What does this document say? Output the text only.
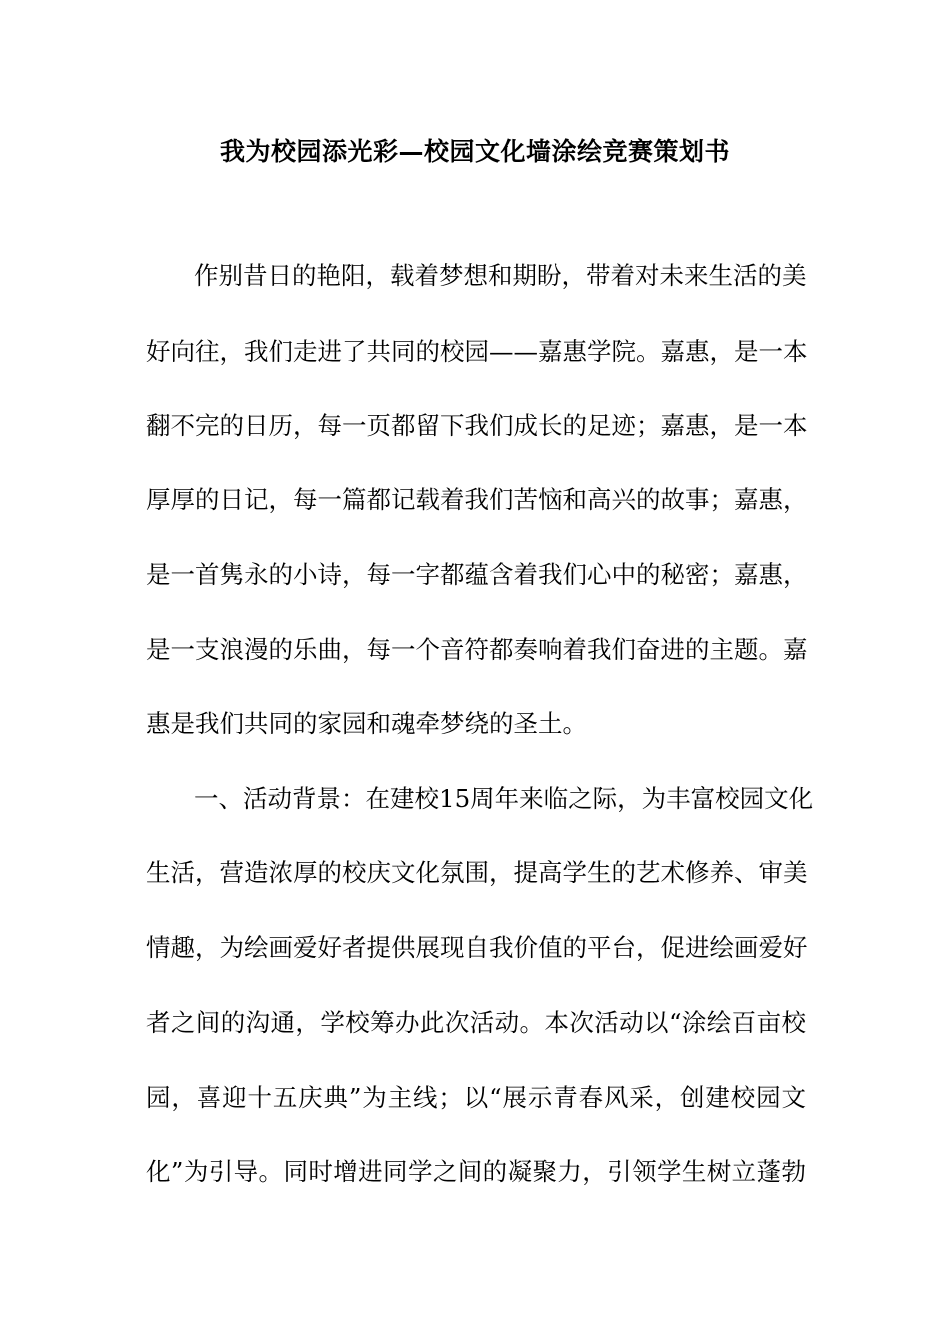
我为校园添光彩—校园文化墙涂绘竞赛策划书
作别昔日的艳阳，载着梦想和期盼，带着对未来生活的美
好向往，我们走进了共同的校园——嘉惠学院。嘉惠，是一本
翻不完的日历，每一页都留下我们成长的足迹；嘉惠，是一本
厚厚的日记，每一篇都记载着我们苦恼和高兴的故事；嘉惠，
是一首隽永的小诗，每一字都蕴含着我们心中的秘密；嘉惠，
是一支浪漫的乐曲，每一个音符都奏响着我们奋进的主题。嘉
惠是我们共同的家园和魂牵梦绕的圣土。
一、活动背景：在建校15周年来临之际，为丰富校园文化
生活，营造浓厚的校庆文化氛围，提高学生的艺术修养、审美
情趣，为绘画爱好者提供展现自我价值的平台，促进绘画爱好
者之间的沟通，学校筹办此次活动。本次活动以“涂绘百亩校
园，喜迎十五庆典”为主线；以“展示青春风采，创建校园文
化”为引导。同时增进同学之间的凝聚力，引领学生树立蓬勃
